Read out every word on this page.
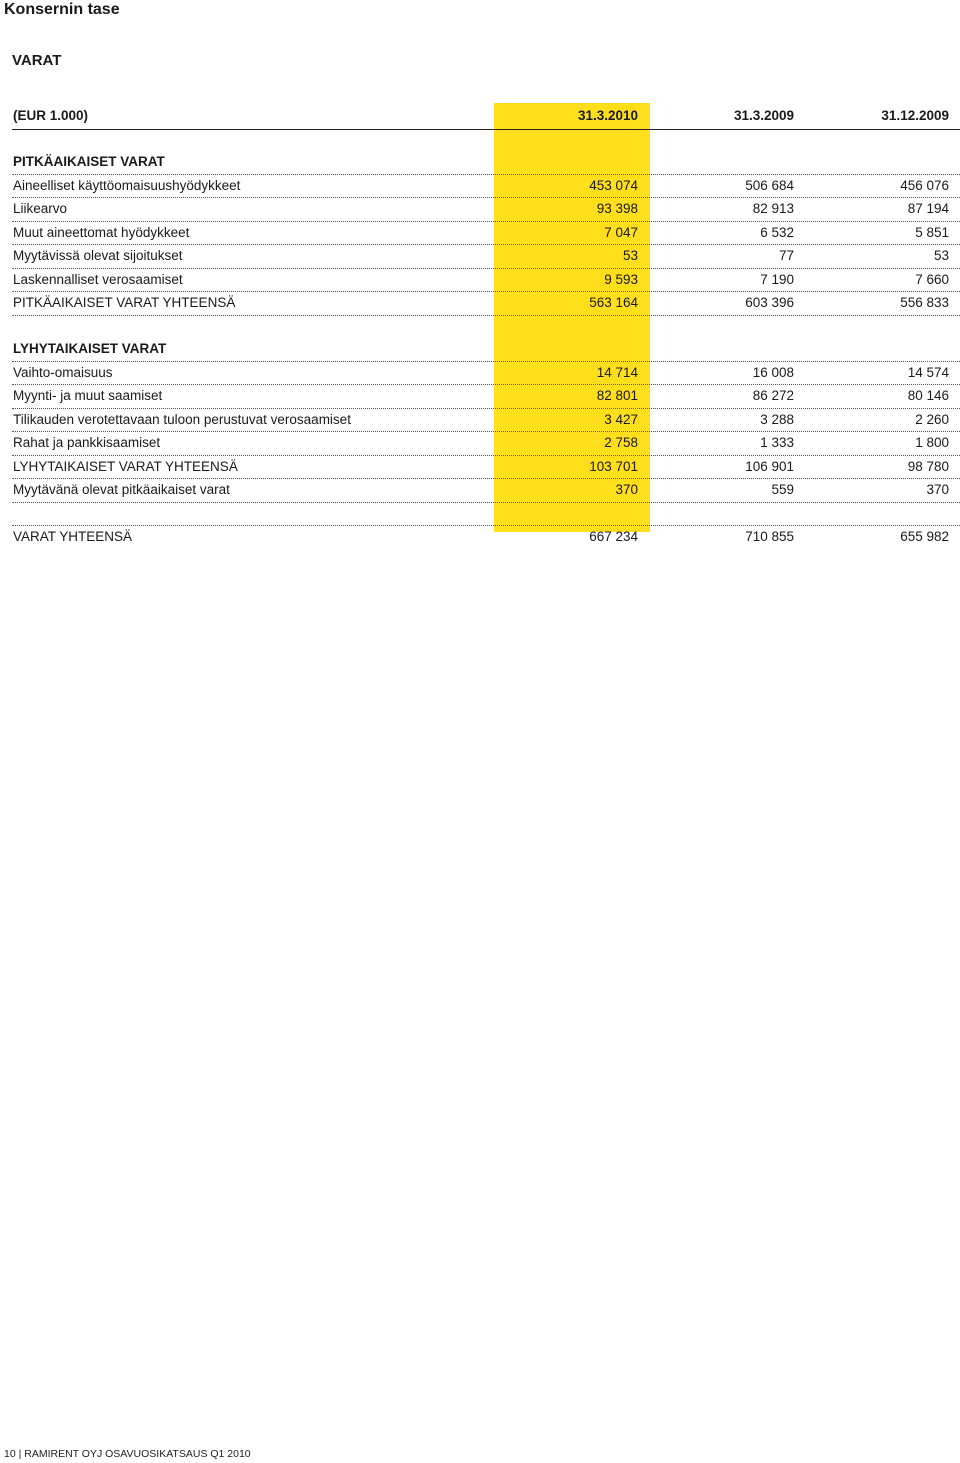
Konsernin tase
VARAT
(EUR 1.000)	31.3.2010	31.3.2009	31.12.2009
PITKÄAIKAISET VARAT
Aineelliset käyttöomaisuushyödykkeet	453 074	506 684	456 076
Liikearvo	93 398	82 913	87 194
Muut aineettomat hyödykkeet	7 047	6 532	5 851
Myytävissä olevat sijoitukset	53	77	53
Laskennalliset verosaamiset	9 593	7 190	7 660
PITKÄAIKAISET VARAT YHTEENSÄ	563 164	603 396	556 833
LYHYTAIKAISET VARAT
Vaihto-omaisuus	14 714	16 008	14 574
Myynti- ja muut saamiset	82 801	86 272	80 146
Tilikauden verotettavaan tuloon perustuvat verosaamiset	3 427	3 288	2 260
Rahat ja pankkisaamiset	2 758	1 333	1 800
LYHYTAIKAISET VARAT YHTEENSÄ	103 701	106 901	98 780
Myytävänä olevat pitkäaikaiset varat	370	559	370
VARAT YHTEENSÄ	667 234	710 855	655 982
10 | RAMIRENT OYJ OSAVUOSIKATSAUS Q1 2010
